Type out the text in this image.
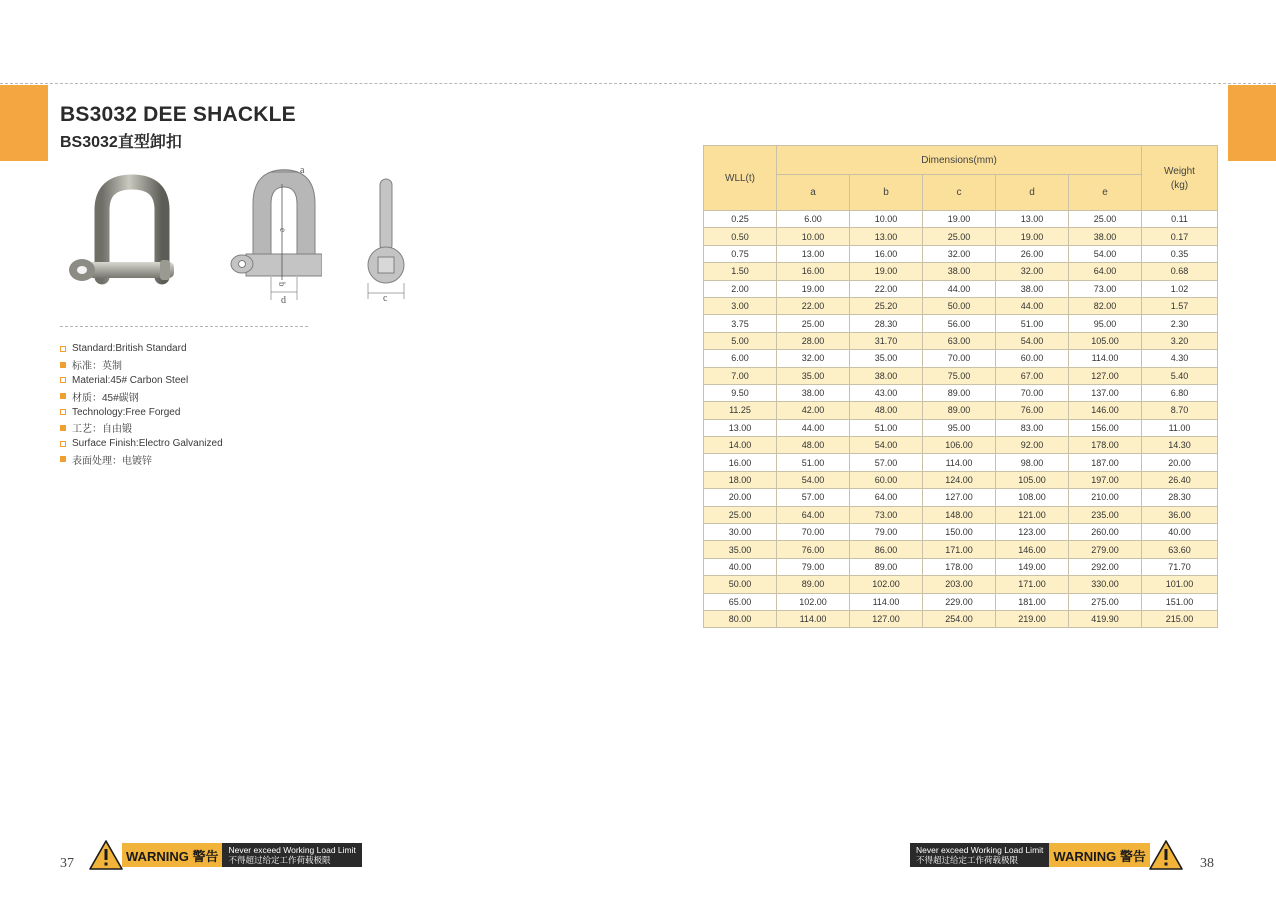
BS3032 DEE SHACKLE
BS3032直型卸扣
a
e
b
d	c
Standard:British Standard
标准：英制
Material:45# Carbon Steel
材质：45#碳钢
Technology:Free Forged
工艺：自由锻
Surface Finish:Electro Galvanized
表面处理：电镀锌
WLL(t)	Dimensions(mm)					Weight
(kg)

	a	b	c	d	e	
0.25	6.00	10.00	19.00	13.00	25.00	0.11
0.50	10.00	13.00	25.00	19.00	38.00	0.17
0.75	13.00	16.00	32.00	26.00	54.00	0.35
1.50	16.00	19.00	38.00	32.00	64.00	0.68
2.00	19.00	22.00	44.00	38.00	73.00	1.02
3.00	22.00	25.20	50.00	44.00	82.00	1.57
3.75	25.00	28.30	56.00	51.00	95.00	2.30
5.00	28.00	31.70	63.00	54.00	105.00	3.20
6.00	32.00	35.00	70.00	60.00	114.00	4.30
7.00	35.00	38.00	75.00	67.00	127.00	5.40
9.50	38.00	43.00	89.00	70.00	137.00	6.80
11.25	42.00	48.00	89.00	76.00	146.00	8.70
13.00	44.00	51.00	95.00	83.00	156.00	11.00
14.00	48.00	54.00	106.00	92.00	178.00	14.30
16.00	51.00	57.00	114.00	98.00	187.00	20.00
18.00	54.00	60.00	124.00	105.00	197.00	26.40
20.00	57.00	64.00	127.00	108.00	210.00	28.30
25.00	64.00	73.00	148.00	121.00	235.00	36.00
30.00	70.00	79.00	150.00	123.00	260.00	40.00
35.00	76.00	86.00	171.00	146.00	279.00	63.60
40.00	79.00	89.00	178.00	149.00	292.00	71.70
50.00	89.00	102.00	203.00	171.00	330.00	101.00
65.00	102.00	114.00	229.00	181.00	275.00	151.00
80.00	114.00	127.00	254.00	219.00	419.90	215.00
37	WARNING 警告 Never exceed Working Load Limit
不得超过给定工作荷载极限
Never exceed Working Load Limit
不得超过给定工作荷载极限	WARNING 警告	38
